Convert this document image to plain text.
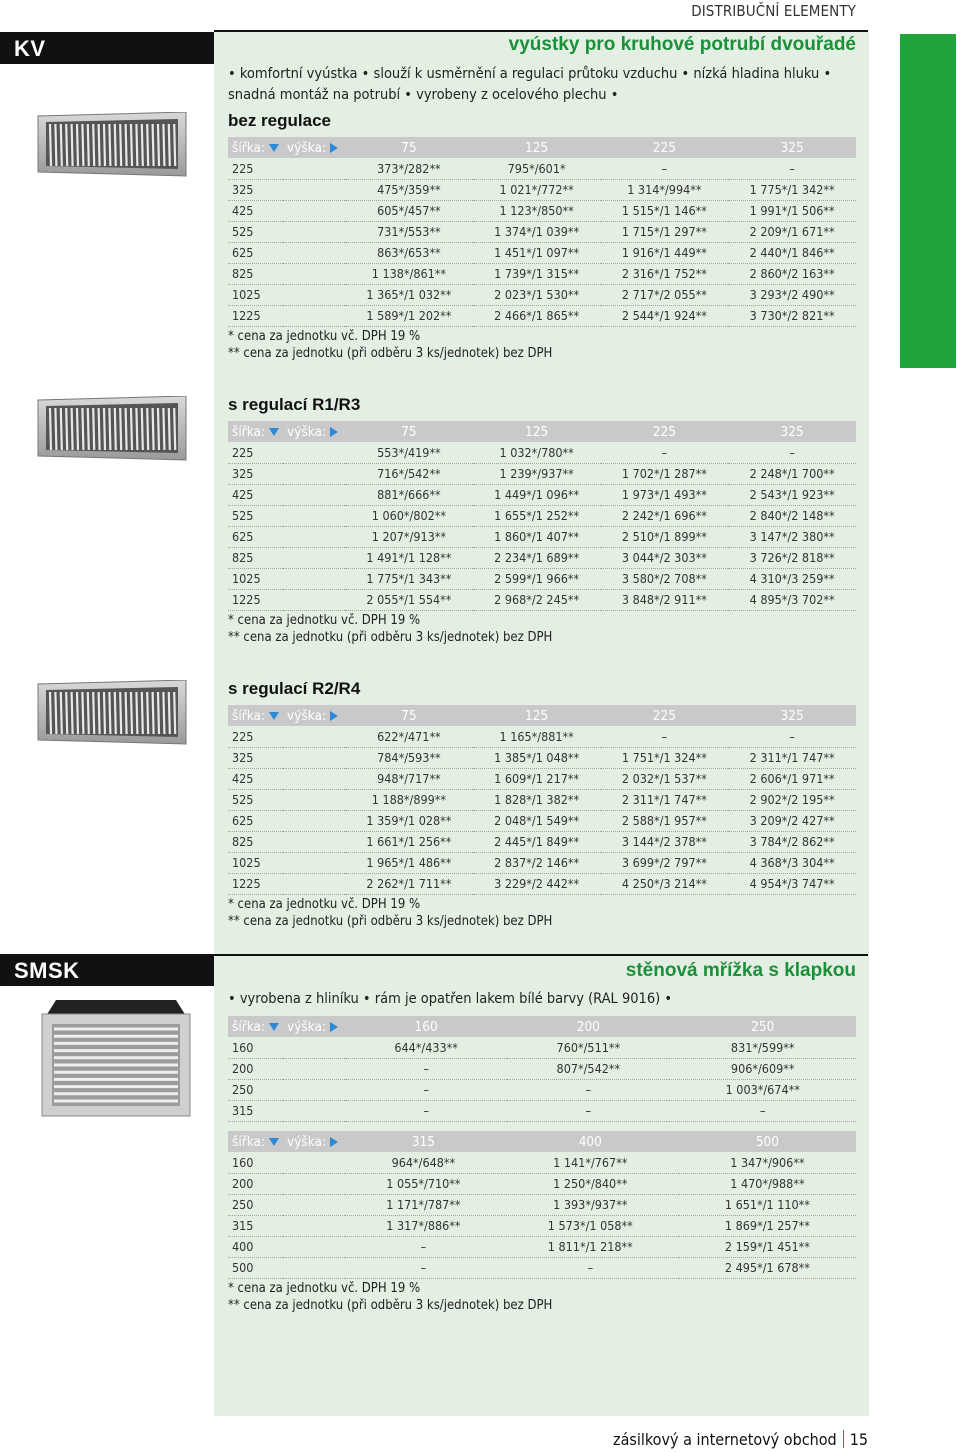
DISTRIBUČNÍ ELEMENTY
KV	vyústky pro kruhové potrubí dvouřadé
• komfortní vyústka • slouží k usměrnění a regulaci průtoku vzduchu • nízká hladina hluku • snadná montáž na potrubí • vyrobeny z ocelového plechu •
bez regulace
šířka:	výška:	75	125	225	325
225		373*/282**	795*/601*	–	–
325		475*/359**	1 021*/772**	1 314*/994**	1 775*/1 342**
425		605*/457**	1 123*/850**	1 515*/1 146**	1 991*/1 506**
525		731*/553**	1 374*/1 039**	1 715*/1 297**	2 209*/1 671**
625		863*/653**	1 451*/1 097**	1 916*/1 449**	2 440*/1 846**
825		1 138*/861**	1 739*/1 315**	2 316*/1 752**	2 860*/2 163**
1025		1 365*/1 032**	2 023*/1 530**	2 717*/2 055**	3 293*/2 490**
1225		1 589*/1 202**	2 466*/1 865**	2 544*/1 924**	3 730*/2 821**
* cena za jednotku vč. DPH 19 %
** cena za jednotku (při odběru 3 ks/jednotek) bez DPH
s regulací R1/R3
šířka:	výška:	75	125	225	325
225		553*/419**	1 032*/780**	–	–
325		716*/542**	1 239*/937**	1 702*/1 287**	2 248*/1 700**
425		881*/666**	1 449*/1 096**	1 973*/1 493**	2 543*/1 923**
525		1 060*/802**	1 655*/1 252**	2 242*/1 696**	2 840*/2 148**
625		1 207*/913**	1 860*/1 407**	2 510*/1 899**	3 147*/2 380**
825		1 491*/1 128**	2 234*/1 689**	3 044*/2 303**	3 726*/2 818**
1025		1 775*/1 343**	2 599*/1 966**	3 580*/2 708**	4 310*/3 259**
1225		2 055*/1 554**	2 968*/2 245**	3 848*/2 911**	4 895*/3 702**
* cena za jednotku vč. DPH 19 %
** cena za jednotku (při odběru 3 ks/jednotek) bez DPH
s regulací R2/R4
šířka:	výška:	75	125	225	325
225		622*/471**	1 165*/881**	–	–
325		784*/593**	1 385*/1 048**	1 751*/1 324**	2 311*/1 747**
425		948*/717**	1 609*/1 217**	2 032*/1 537**	2 606*/1 971**
525		1 188*/899**	1 828*/1 382**	2 311*/1 747**	2 902*/2 195**
625		1 359*/1 028**	2 048*/1 549**	2 588*/1 957**	3 209*/2 427**
825		1 661*/1 256**	2 445*/1 849**	3 144*/2 378**	3 784*/2 862**
1025		1 965*/1 486**	2 837*/2 146**	3 699*/2 797**	4 368*/3 304**
1225		2 262*/1 711**	3 229*/2 442**	4 250*/3 214**	4 954*/3 747**
* cena za jednotku vč. DPH 19 %
** cena za jednotku (při odběru 3 ks/jednotek) bez DPH
SMSK	stěnová mřížka s klapkou
• vyrobena z hliníku • rám je opatřen lakem bílé barvy (RAL 9016) •
šířka:	výška:	160	200	250
160		644*/433**	760*/511**	831*/599**
200		–	807*/542**	906*/609**
250		–	–	1 003*/674**
315		–	–	–
šířka:	výška:	315	400	500
160		964*/648**	1 141*/767**	1 347*/906**
200		1 055*/710**	1 250*/840**	1 470*/988**
250		1 171*/787**	1 393*/937**	1 651*/1 110**
315		1 317*/886**	1 573*/1 058**	1 869*/1 257**
400		–	1 811*/1 218**	2 159*/1 451**
500		–	–	2 495*/1 678**
* cena za jednotku vč. DPH 19 %
** cena za jednotku (při odběru 3 ks/jednotek) bez DPH
zásilkový a internetový obchod 15
